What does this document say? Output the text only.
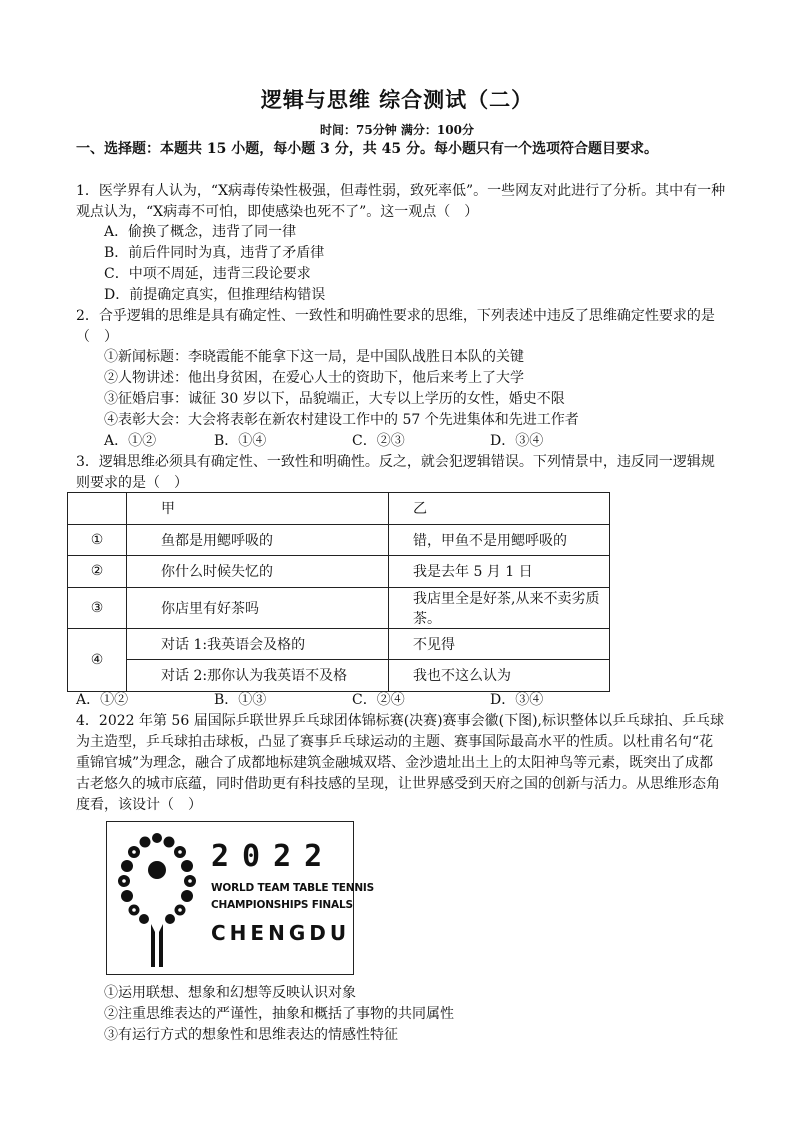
逻辑与思维 综合测试（二）
时间：75分钟 满分：100分
一、选择题：本题共 15 小题，每小题 3 分，共 45 分。每小题只有一个选项符合题目要求。
1．医学界有人认为，“X病毒传染性极强，但毒性弱，致死率低”。一些网友对此进行了分析。其中有一种观点认为，“X病毒不可怕，即使感染也死不了”。这一观点（　）
A．偷换了概念，违背了同一律
B．前后件同时为真，违背了矛盾律
C．中项不周延，违背三段论要求
D．前提确定真实，但推理结构错误
2．合乎逻辑的思维是具有确定性、一致性和明确性要求的思维，下列表述中违反了思维确定性要求的是（　）
①新闻标题：李晓霞能不能拿下这一局，是中国队战胜日本队的关键
②人物讲述：他出身贫困，在爱心人士的资助下，他后来考上了大学
③征婚启事：诚征 30 岁以下，品貌端正，大专以上学历的女性，婚史不限
④表彰大会：大会将表彰在新农村建设工作中的 57 个先进集体和先进工作者
A．①②	B．①④	C．②③	D．③④
3．逻辑思维必须具有确定性、一致性和明确性。反之，就会犯逻辑错误。下列情景中，违反同一逻辑规则要求的是（　）
	甲	乙
①	鱼都是用鳃呼吸的	错，甲鱼不是用鳃呼吸的
②	你什么时候失忆的	我是去年 5 月 1 日
③	你店里有好茶吗	我店里全是好茶,从来不卖劣质茶。
④	对话 1:我英语会及格的	不见得
	对话 2:那你认为我英语不及格	我也不这么认为
A．①②	B．①③	C．②④	D．③④
4．2022 年第 56 届国际乒联世界乒乓球团体锦标赛(决赛)赛事会徽(下图),标识整体以乒乓球拍、乒乓球为主造型，乒乓球拍击球板，凸显了赛事乒乓球运动的主题、赛事国际最高水平的性质。以杜甫名句“花重锦官城”为理念，融合了成都地标建筑金融城双塔、金沙遗址出土上的太阳神鸟等元素，既突出了成都古老悠久的城市底蕴，同时借助更有科技感的呈现，让世界感受到天府之国的创新与活力。从思维形态角度看，该设计（　）
2022
WORLD TEAM TABLE TENNIS
CHAMPIONSHIPS FINALS
CHENGDU
①运用联想、想象和幻想等反映认识对象
②注重思维表达的严谨性，抽象和概括了事物的共同属性
③有运行方式的想象性和思维表达的情感性特征
